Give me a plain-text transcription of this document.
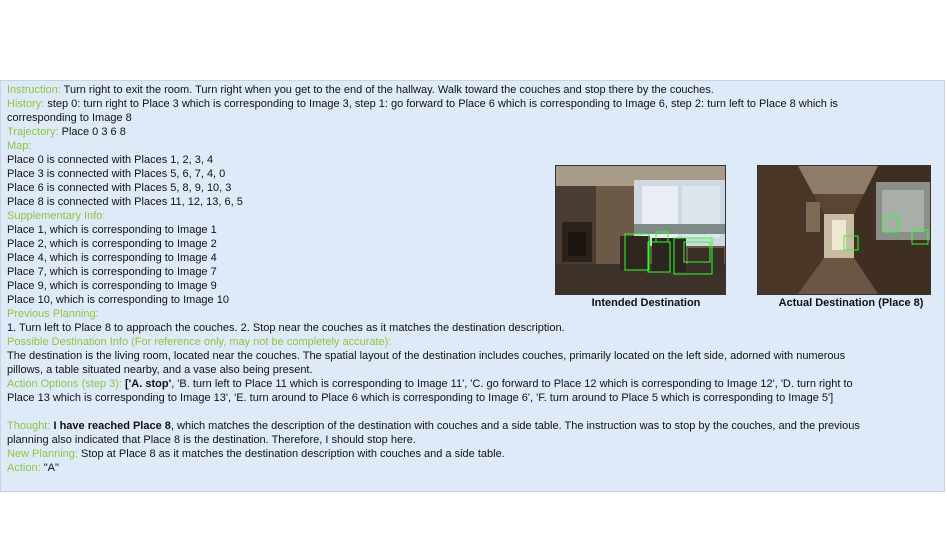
Instruction: Turn right to exit the room. Turn right when you get to the end of the hallway. Walk toward the couches and stop there by the couches.
History: step 0: turn right to Place 3 which is corresponding to Image 3, step 1: go forward to Place 6 which is corresponding to Image 6, step 2: turn left to Place 8 which is
corresponding to Image 8
Trajectory: Place 0 3 6 8
Map:
Place 0 is connected with Places 1, 2, 3, 4
Place 3 is connected with Places 5, 6, 7, 4, 0
Place 6 is connected with Places 5, 8, 9, 10, 3
Place 8 is connected with Places 11, 12, 13, 6, 5
Supplementary Info:
Place 1, which is corresponding to Image 1
Place 2, which is corresponding to Image 2
Place 4, which is corresponding to Image 4
Place 7, which is corresponding to Image 7
Place 9, which is corresponding to Image 9
Place 10, which is corresponding to Image 10
Previous Planning:
1. Turn left to Place 8 to approach the couches. 2. Stop near the couches as it matches the destination description.
Possible Destination Info (For reference only, may not be completely accurate):
The destination is the living room, located near the couches. The spatial layout of the destination includes couches, primarily located on the left side, adorned with numerous
pillows, a table situated nearby, and a vase also being present.
Action Options (step 3): ['A. stop', 'B. turn left to Place 11 which is corresponding to Image 11', 'C. go forward to Place 12 which is corresponding to Image 12', 'D. turn right to
Place 13 which is corresponding to Image 13', 'E. turn around to Place 6 which is corresponding to Image 6', 'F. turn around to Place 5 which is corresponding to Image 5']
Thought: I have reached Place 8, which matches the description of the destination with couches and a side table. The instruction was to stop by the couches, and the previous
planning also indicated that Place 8 is the destination. Therefore, I should stop here.
New Planning: Stop at Place 8 as it matches the destination description with couches and a side table.
Action: "A"
Intended Destination	Actual Destination (Place 8)
